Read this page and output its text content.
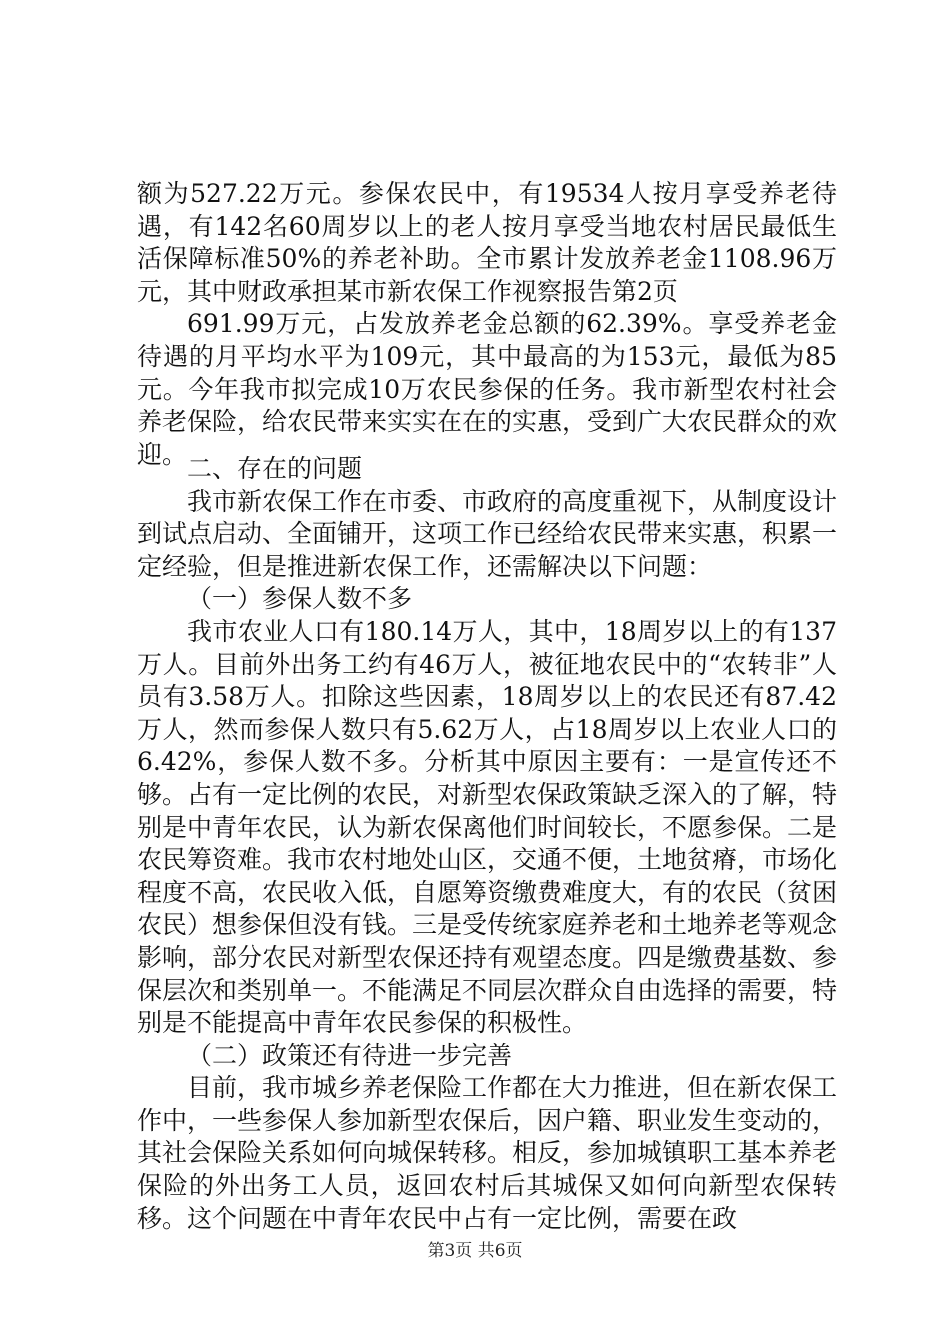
额为527.22万元。参保农民中，有19534人按月享受养老待遇，有142名60周岁以上的老人按月享受当地农村居民最低生活保障标准50%的养老补助。全市累计发放养老金1108.96万元，其中财政承担某市新农保工作视察报告第2页

691.99万元，占发放养老金总额的62.39%。享受养老金待遇的月平均水平为109元，其中最高的为153元，最低为85元。今年我市拟完成10万农民参保的任务。我市新型农村社会养老保险，给农民带来实实在在的实惠，受到广大农民群众的欢迎。 二、存在的问题

我市新农保工作在市委、市政府的高度重视下，从制度设计到试点启动、全面铺开，这项工作已经给农民带来实惠，积累一定经验，但是推进新农保工作，还需解决以下问题：

（一）参保人数不多

我市农业人口有180.14万人，其中，18周岁以上的有137万人。目前外出务工约有46万人，被征地农民中的“农转非”人员有3.58万人。扣除这些因素，18周岁以上的农民还有87.42万人，然而参保人数只有5.62万人，占18周岁以上农业人口的6.42%，参保人数不多。分析其中原因主要有：一是宣传还不够。占有一定比例的农民，对新型农保政策缺乏深入的了解，特别是中青年农民，认为新农保离他们时间较长，不愿参保。二是农民筹资难。我市农村地处山区，交通不便，土地贫瘠，市场化程度不高，农民收入低，自愿筹资缴费难度大，有的农民（贫困农民）想参保但没有钱。三是受传统家庭养老和土地养老等观念影响，部分农民对新型农保还持有观望态度。四是缴费基数、参保层次和类别单一。不能满足不同层次群众自由选择的需要，特别是不能提高中青年农民参保的积极性。

（二）政策还有待进一步完善

目前，我市城乡养老保险工作都在大力推进，但在新农保工作中，一些参保人参加新型农保后，因户籍、职业发生变动的，其社会保险关系如何向城保转移。相反，参加城镇职工基本养老保险的外出务工人员，返回农村后其城保又如何向新型农保转移。这个问题在中青年农民中占有一定比例，需要在政

第3页 共6页
